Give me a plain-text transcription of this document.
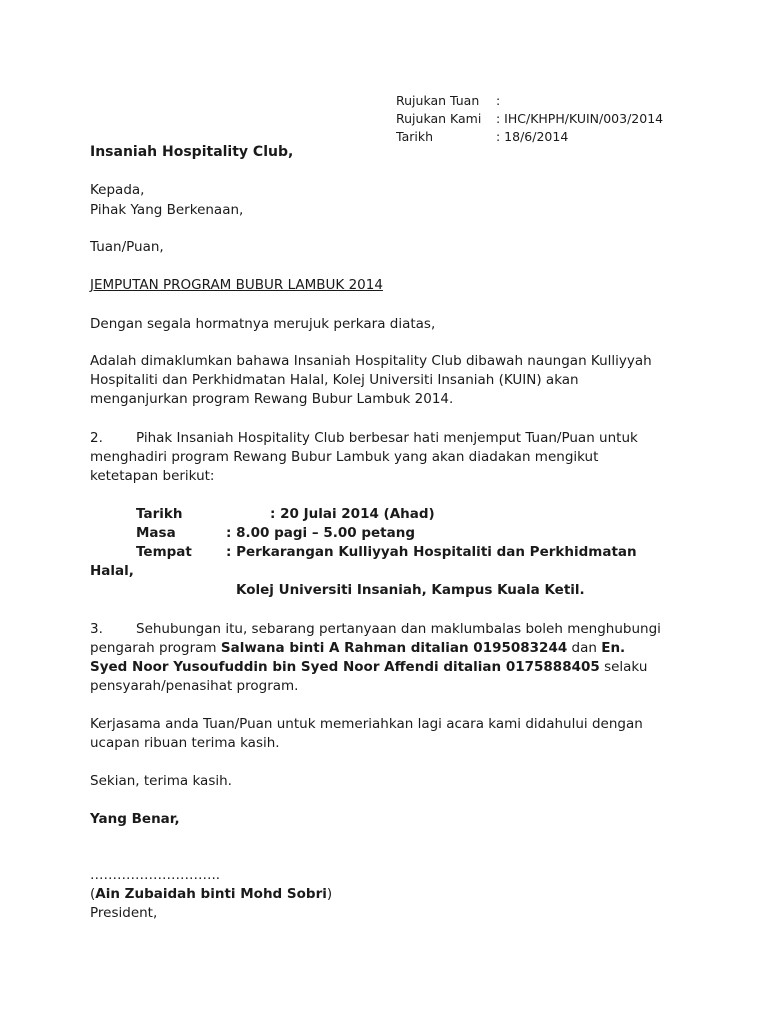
Rujukan Tuan	:
Rujukan Kami	: IHC/KHPH/KUIN/003/2014
Tarikh	: 18/6/2014
Insaniah Hospitality Club,
Kepada,
Pihak Yang Berkenaan,
Tuan/Puan,
JEMPUTAN PROGRAM BUBUR LAMBUK 2014
Dengan segala hormatnya merujuk perkara diatas,
Adalah dimaklumkan bahawa Insaniah Hospitality Club dibawah naungan Kulliyyah
Hospitaliti dan Perkhidmatan Halal, Kolej Universiti Insaniah (KUIN) akan
menganjurkan program Rewang Bubur Lambuk 2014.
2. Pihak Insaniah Hospitality Club berbesar hati menjemput Tuan/Puan untuk
menghadiri program Rewang Bubur Lambuk yang akan diadakan mengikut
ketetapan berikut:
Tarikh	: 20 Julai 2014 (Ahad)
Masa	: 8.00 pagi – 5.00 petang
Tempat	: Perkarangan Kulliyyah Hospitaliti dan Perkhidmatan
Halal,
Kolej Universiti Insaniah, Kampus Kuala Ketil.
3. Sehubungan itu, sebarang pertanyaan dan maklumbalas boleh menghubungi
pengarah program Salwana binti A Rahman ditalian 0195083244 dan En.
Syed Noor Yusoufuddin bin Syed Noor Affendi ditalian 0175888405 selaku
pensyarah/penasihat program.
Kerjasama anda Tuan/Puan untuk memeriahkan lagi acara kami didahului dengan
ucapan ribuan terima kasih.
Sekian, terima kasih.
Yang Benar,
………………………..
(Ain Zubaidah binti Mohd Sobri)
President,
